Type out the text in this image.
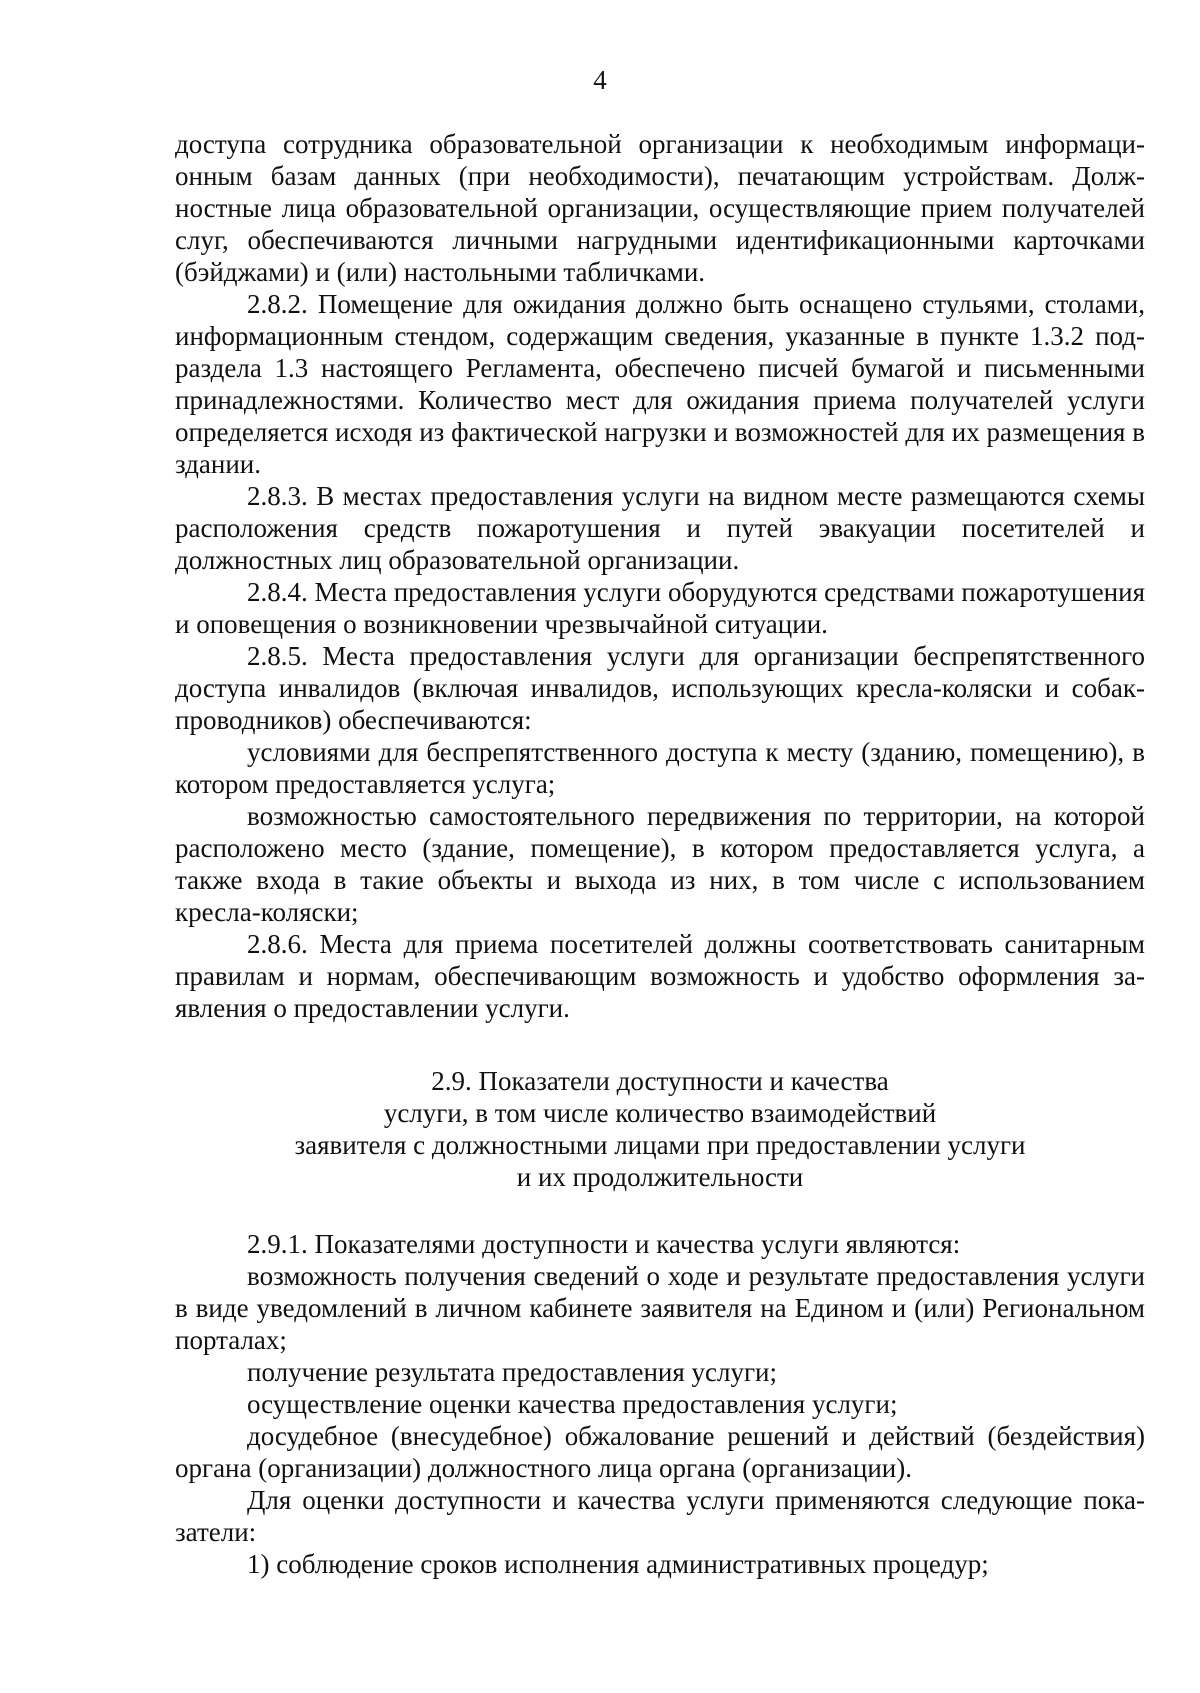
4

доступа сотрудника образовательной организации к необходимым информационным базам данных (при необходимости), печатающим устройствам. Должностные лица образовательной организации, осуществляющие прием получателей слуг, обеспечиваются личными нагрудными идентификационными карточками (бэйджами) и (или) настольными табличками.

2.8.2. Помещение для ожидания должно быть оснащено стульями, столами, информационным стендом, содержащим сведения, указанные в пункте 1.3.2 подраздела 1.3 настоящего Регламента, обеспечено писчей бумагой и письменными принадлежностями. Количество мест для ожидания приема получателей услуги определяется исходя из фактической нагрузки и возможностей для их размещения в здании.

2.8.3. В местах предоставления услуги на видном месте размещаются схемы расположения средств пожаротушения и путей эвакуации посетителей и должностных лиц образовательной организации.

2.8.4. Места предоставления услуги оборудуются средствами пожаротушения и оповещения о возникновении чрезвычайной ситуации.

2.8.5. Места предоставления услуги для организации беспрепятственного доступа инвалидов (включая инвалидов, использующих кресла-коляски и собак-проводников) обеспечиваются:

условиями для беспрепятственного доступа к месту (зданию, помещению), в котором предоставляется услуга;

возможностью самостоятельного передвижения по территории, на которой расположено место (здание, помещение), в котором предоставляется услуга, а также входа в такие объекты и выхода из них, в том числе с использованием кресла-коляски;

2.8.6. Места для приема посетителей должны соответствовать санитарным правилам и нормам, обеспечивающим возможность и удобство оформления заявления о предоставлении услуги.

2.9. Показатели доступности и качества
услуги, в том числе количество взаимодействий
заявителя с должностными лицами при предоставлении услуги
и их продолжительности

2.9.1. Показателями доступности и качества услуги являются:

возможность получения сведений о ходе и результате предоставления услуги в виде уведомлений в личном кабинете заявителя на Едином и (или) Региональном порталах;

получение результата предоставления услуги;

осуществление оценки качества предоставления услуги;

досудебное (внесудебное) обжалование решений и действий (бездействия) органа (организации) должностного лица органа (организации).

Для оценки доступности и качества услуги применяются следующие показатели:

1) соблюдение сроков исполнения административных процедур;
